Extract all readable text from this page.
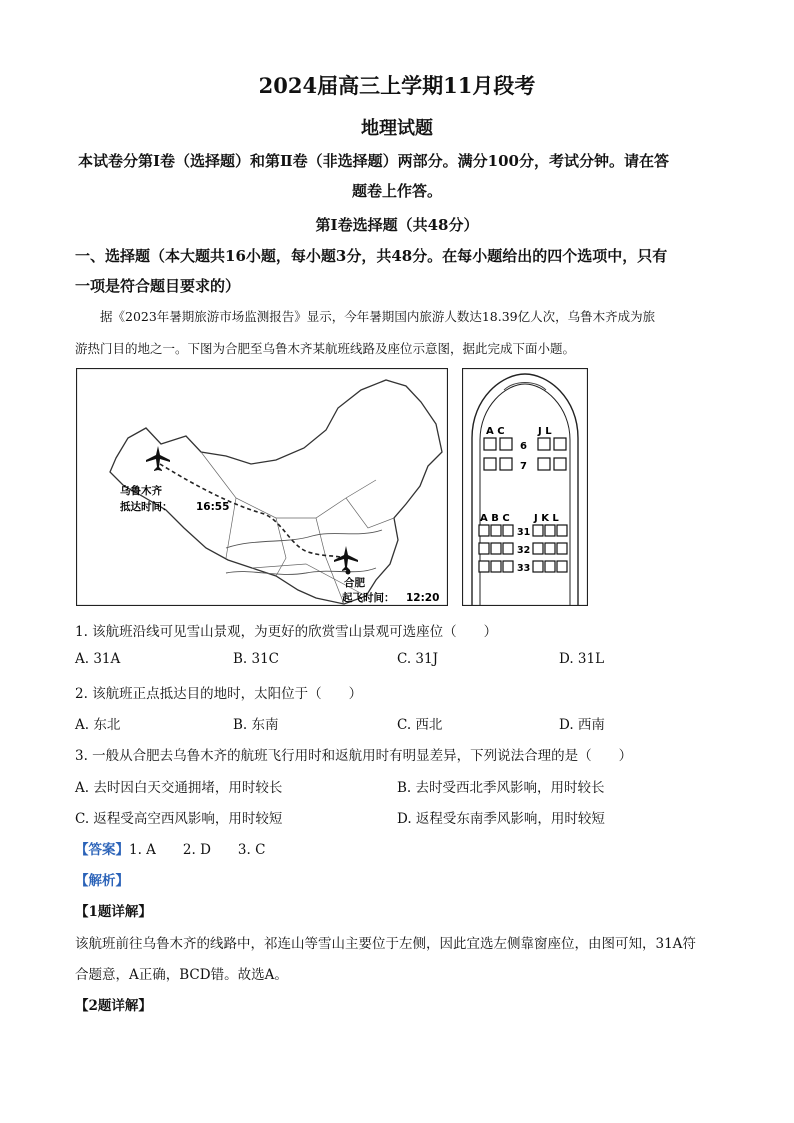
2024届高三上学期11月段考
地理试题
本试卷分第Ⅰ卷（选择题）和第Ⅱ卷（非选择题）两部分。满分100分，考试分钟。请在答
题卷上作答。
第Ⅰ卷选择题（共48分）
一、选择题（本大题共16小题，每小题3分，共48分。在每小题给出的四个选项中，只有
一项是符合题目要求的）
据《2023年暑期旅游市场监测报告》显示，今年暑期国内旅游人数达18.39亿人次，乌鲁木齐成为旅
游热门目的地之一。下图为合肥至乌鲁木齐某航班线路及座位示意图，据此完成下面小题。
乌鲁木齐
抵达时间： 16:55
合肥
起飞时间： 12:20
A C	J L
6
7
A B C J K L
31
32
33
1. 该航班沿线可见雪山景观，为更好的欣赏雪山景观可选座位（　　）
A. 31A	B. 31C	C. 31J	D. 31L
2. 该航班正点抵达目的地时，太阳位于（　　）
A. 东北	B. 东南	C. 西北	D. 西南
3. 一般从合肥去乌鲁木齐的航班飞行用时和返航用时有明显差异，下列说法合理的是（　　）
A. 去时因白天交通拥堵，用时较长	B. 去时受西北季风影响，用时较长
C. 返程受高空西风影响，用时较短	D. 返程受东南季风影响，用时较短
【答案】1. A　　2. D　　3. C
【解析】
【1题详解】
该航班前往乌鲁木齐的线路中，祁连山等雪山主要位于左侧，因此宜选左侧靠窗座位，由图可知，31A符
合题意，A正确，BCD错。故选A。
【2题详解】
